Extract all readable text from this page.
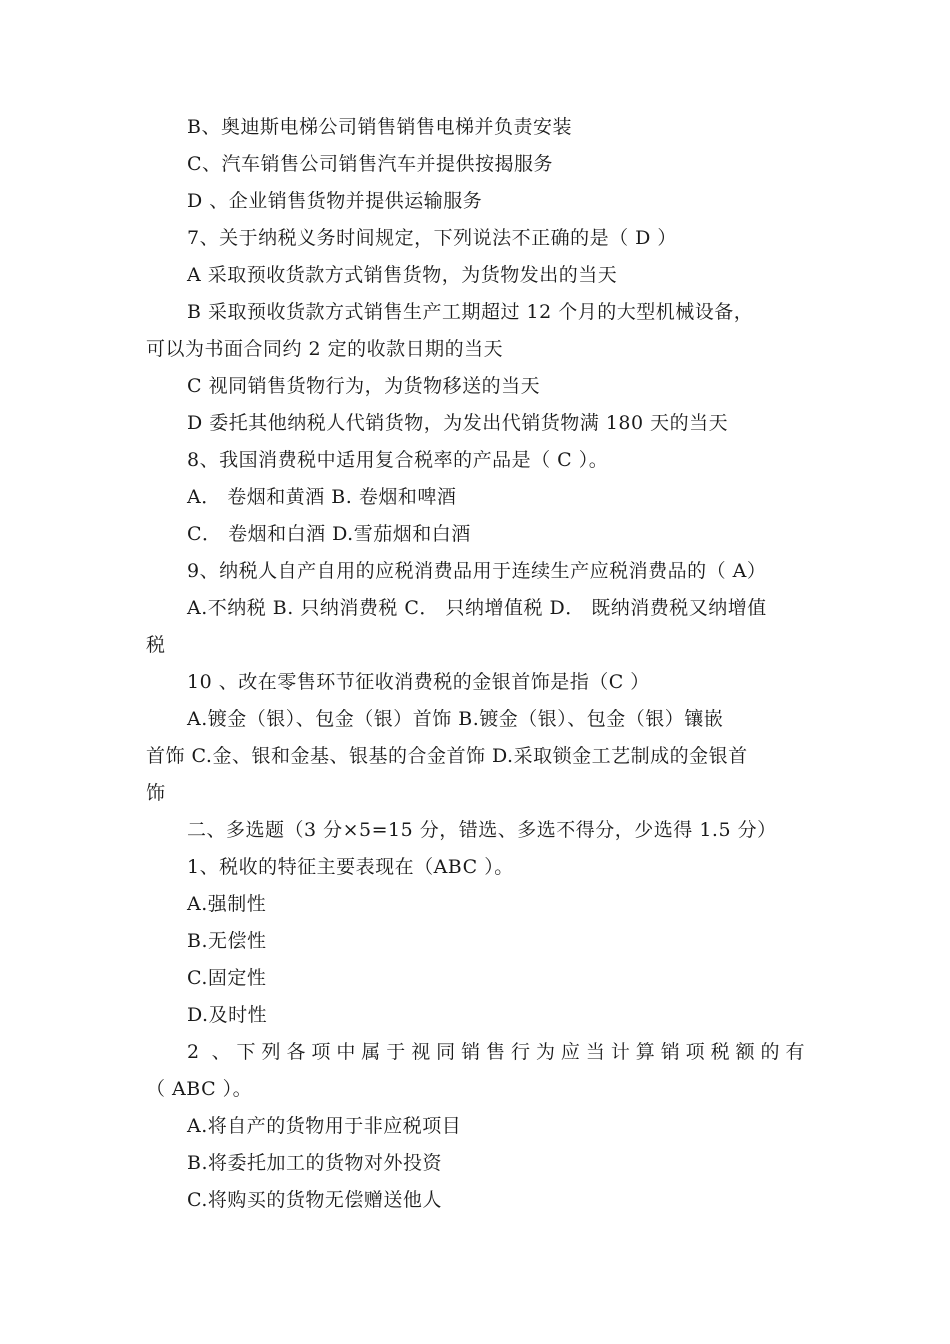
B、奥迪斯电梯公司销售销售电梯并负责安装
C、汽车销售公司销售汽车并提供按揭服务
D 、企业销售货物并提供运输服务
7、关于纳税义务时间规定，下列说法不正确的是（ D ）
A 采取预收货款方式销售货物，为货物发出的当天
B 采取预收货款方式销售生产工期超过 12 个月的大型机械设备，
可以为书面合同约 2 定的收款日期的当天
C 视同销售货物行为，为货物移送的当天
D 委托其他纳税人代销货物，为发出代销货物满 180 天的当天
8、我国消费税中适用复合税率的产品是（ C ）。
A． 卷烟和黄酒 B. 卷烟和啤酒
C． 卷烟和白酒 D.雪茄烟和白酒
9、纳税人自产自用的应税消费品用于连续生产应税消费品的（ A）
A.不纳税 B. 只纳消费税 C． 只纳增值税 D． 既纳消费税又纳增值
税
10 、改在零售环节征收消费税的金银首饰是指（C ）
A.镀金（银）、包金（银）首饰 B.镀金（银）、包金（银）镶嵌
首饰 C.金、银和金基、银基的合金首饰 D.采取锁金工艺制成的金银首
饰
二、多选题（3 分×5=15 分，错选、多选不得分，少选得 1.5 分）
1、税收的特征主要表现在（ABC ）。
A.强制性
B.无偿性
C.固定性
D.及时性
2 、下列各项中属于视同销售行为应当计算销项税额的有
（ ABC ）。
A.将自产的货物用于非应税项目
B.将委托加工的货物对外投资
C.将购买的货物无偿赠送他人
